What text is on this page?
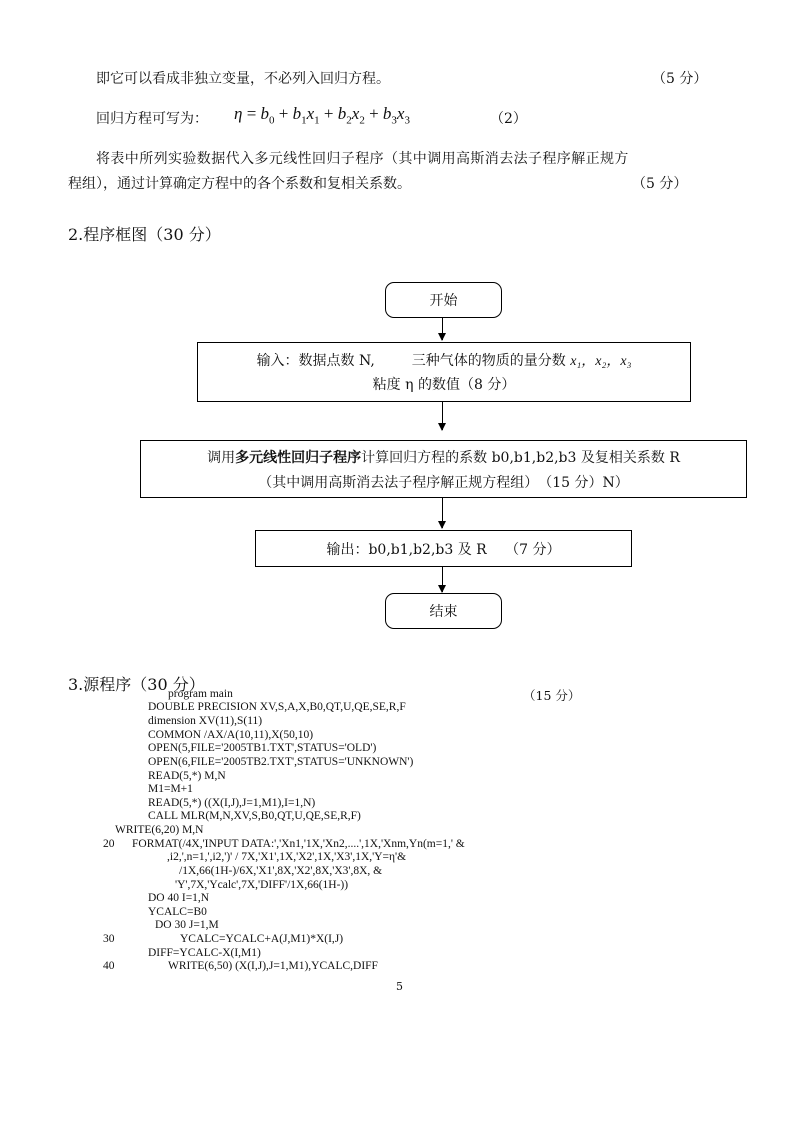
即它可以看成非独立变量，不必列入回归方程。	（5 分）
回归方程可写为： $\eta = b_0 + b_1x_1 + b_2x_2 + b_3x_3$	（2）
将表中所列实验数据代入多元线性回归子程序（其中调用高斯消去法子程序解正规方
程组），通过计算确定方程中的各个系数和复相关系数。	（5 分）
2.程序框图（30 分）
开始
输入：数据点数 N,	三种气体的物质的量分数 x₁，x₂，x₃
粘度 η 的数值（8 分）
调用多元线性回归子程序计算回归方程的系数 b0,b1,b2,b3 及复相关系数 R
（其中调用高斯消去法子程序解正规方程组）　（15 分）N）
输出：b0,b1,b2,b3 及 R　 （7 分）
结束
3.源程序（30 分）
（15 分）
program main
DOUBLE PRECISION XV,S,A,X,B0,QT,U,QE,SE,R,F
dimension XV(11),S(11)
COMMON /AX/A(10,11),X(50,10)
OPEN(5,FILE='2005TB1.TXT',STATUS='OLD')
OPEN(6,FILE='2005TB2.TXT',STATUS='UNKNOWN')
READ(5,*) M,N
M1=M+1
READ(5,*) ((X(I,J),J=1,M1),I=1,N)
CALL MLR(M,N,XV,S,B0,QT,U,QE,SE,R,F)
WRITE(6,20) M,N
20 FORMAT(/4X,'INPUT DATA:','Xn1,'1X,'Xn2,....',1X,'Xnm,Yn(m=1,' &
,i2,',n=1,',i2,')' / 7X,'X1',1X,'X2',1X,'X3',1X,'Y=η'&
/1X,66(1H-)/6X,'X1',8X,'X2',8X,'X3',8X, &
'Y',7X,'Ycalc',7X,'DIFF'/1X,66(1H-))
DO 40 I=1,N
YCALC=B0
DO 30 J=1,M
30	YCALC=YCALC+A(J,M1)*X(I,J)
DIFF=YCALC-X(I,M1)
40	WRITE(6,50) (X(I,J),J=1,M1),YCALC,DIFF
5
